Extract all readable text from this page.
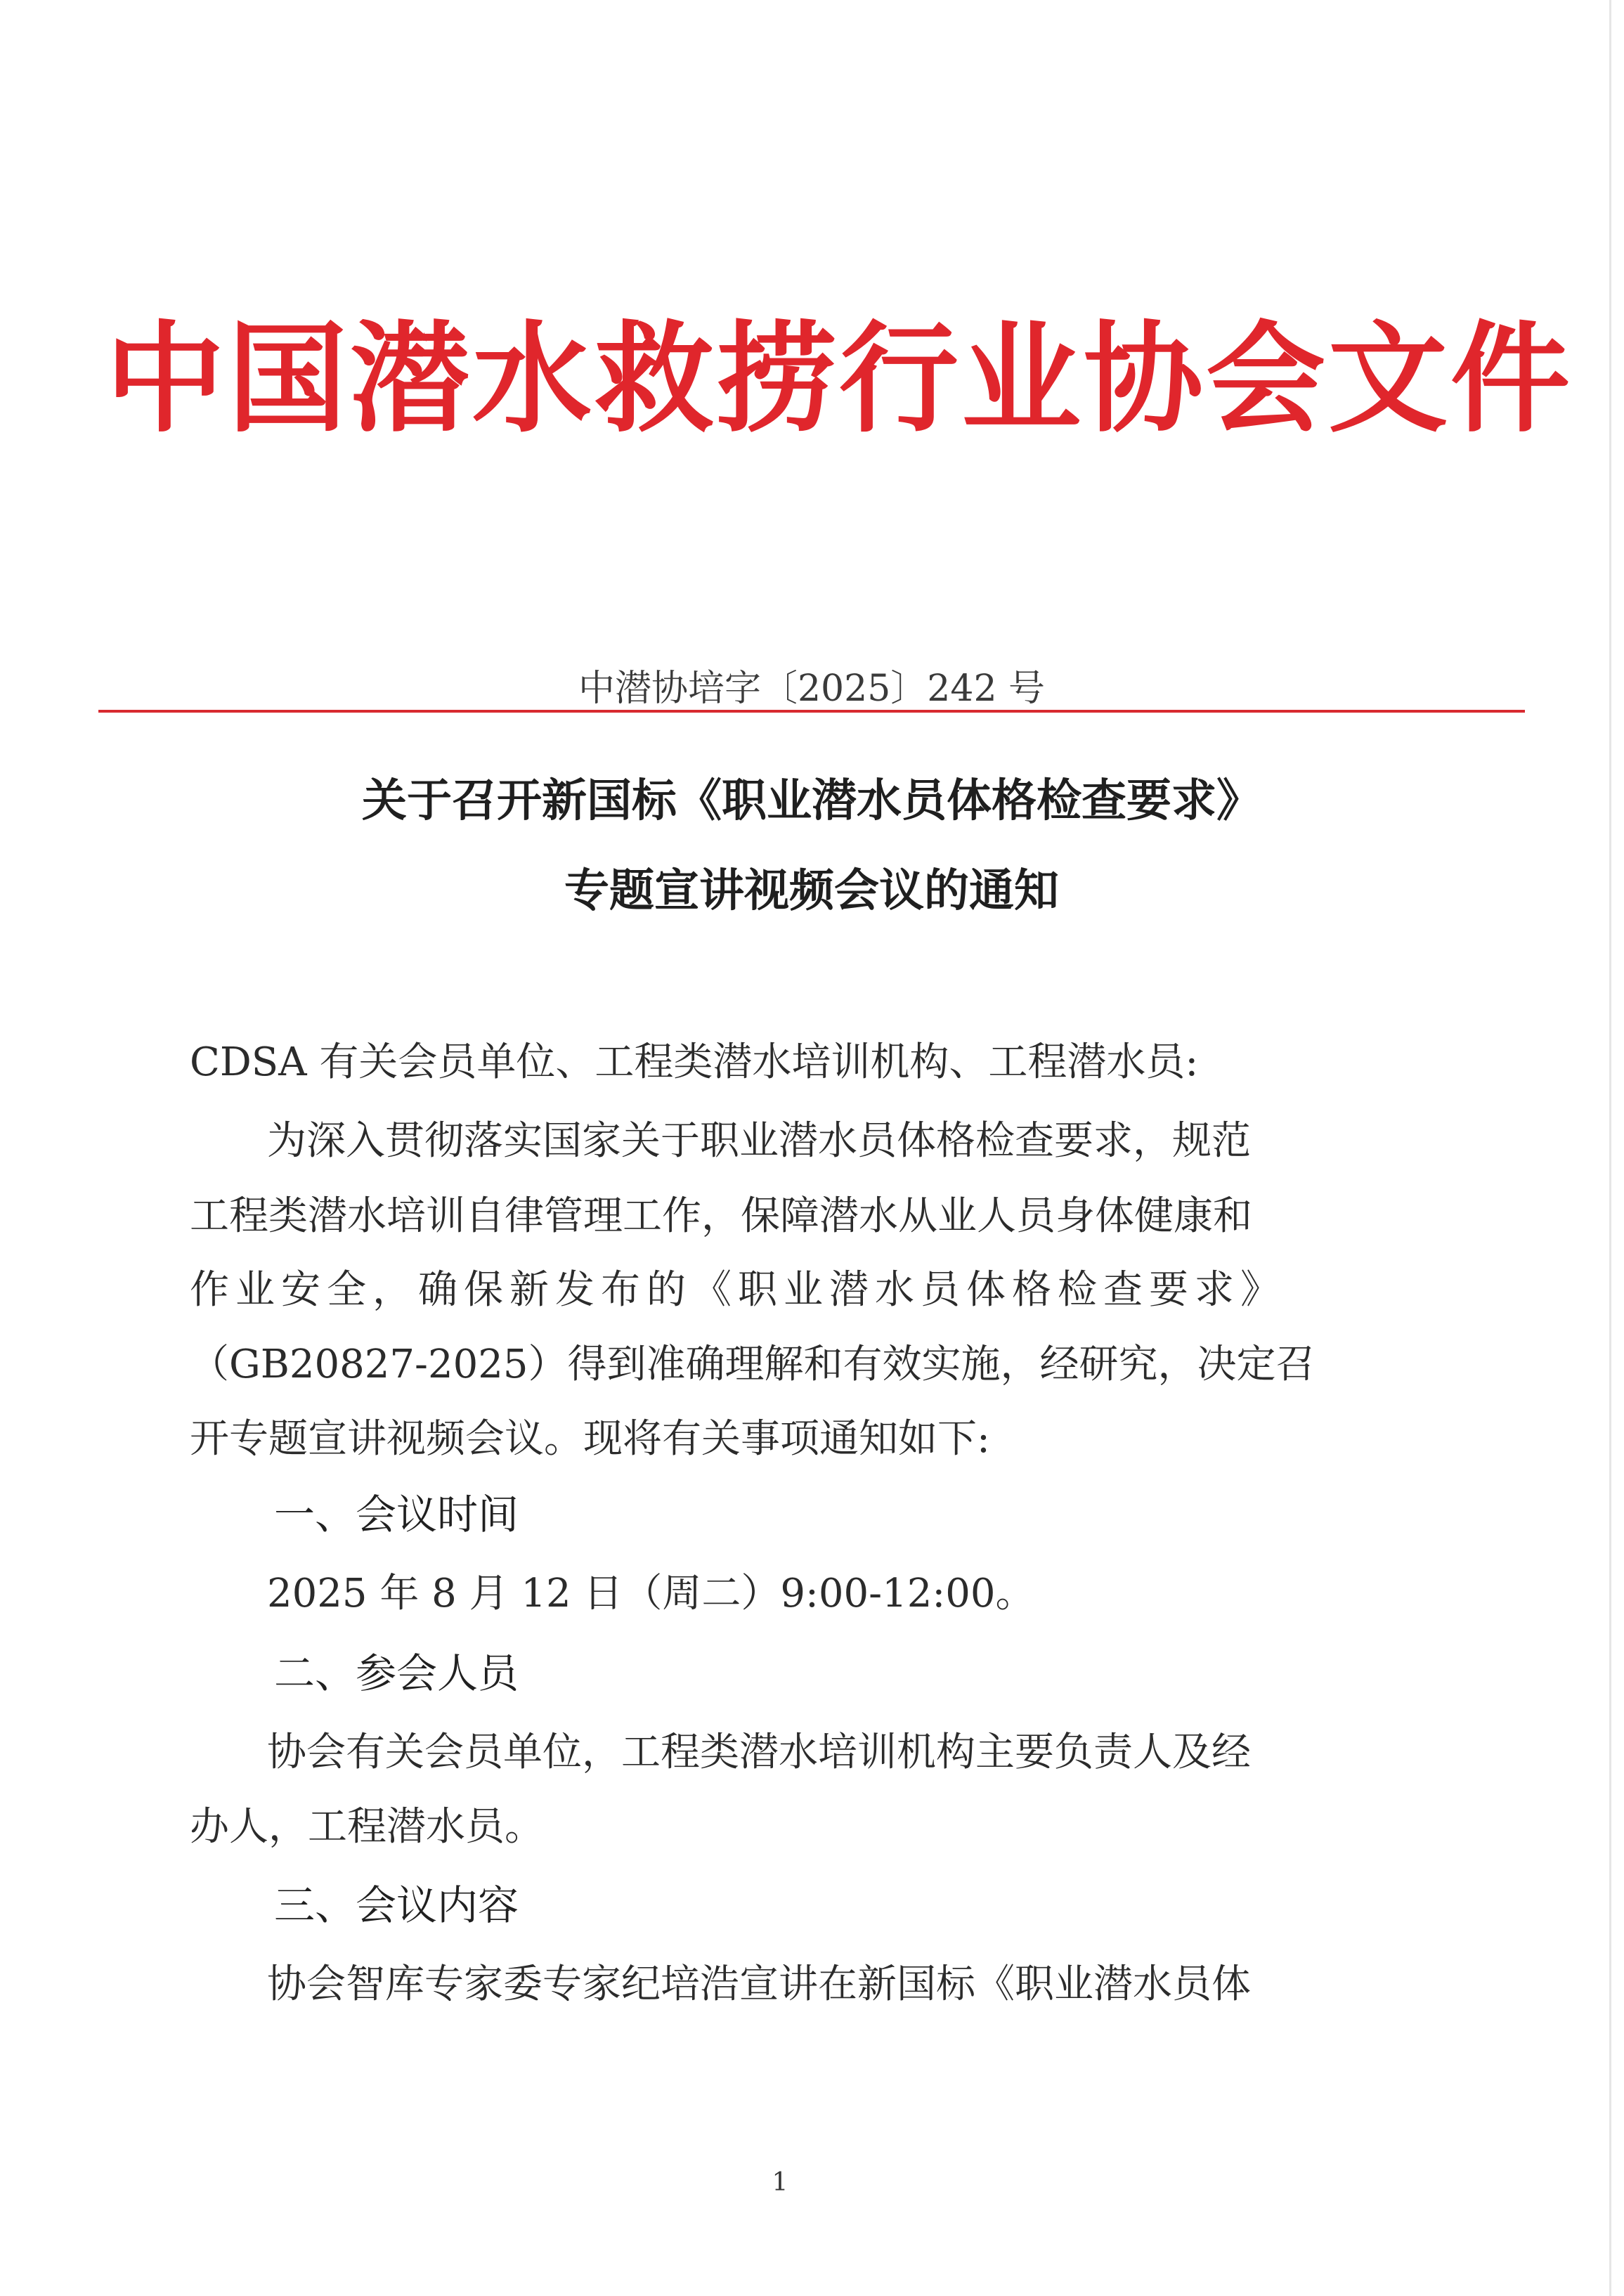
中国潜水救捞行业协会文件
中潜协培字〔2025〕242 号
关于召开新国标《职业潜水员体格检查要求》
专题宣讲视频会议的通知
CDSA 有关会员单位、工程类潜水培训机构、工程潜水员:
为深入贯彻落实国家关于职业潜水员体格检查要求，规范
工程类潜水培训自律管理工作，保障潜水从业人员身体健康和
作业安全，确保新发布的《职业潜水员体格检查要求》
（GB20827-2025）得到准确理解和有效实施，经研究，决定召
开专题宣讲视频会议。现将有关事项通知如下:
一、会议时间
2025 年 8 月 12 日（周二）9:00-12:00。
二、参会人员
协会有关会员单位，工程类潜水培训机构主要负责人及经
办人，工程潜水员。
三、会议内容
协会智库专家委专家纪培浩宣讲在新国标《职业潜水员体
1
